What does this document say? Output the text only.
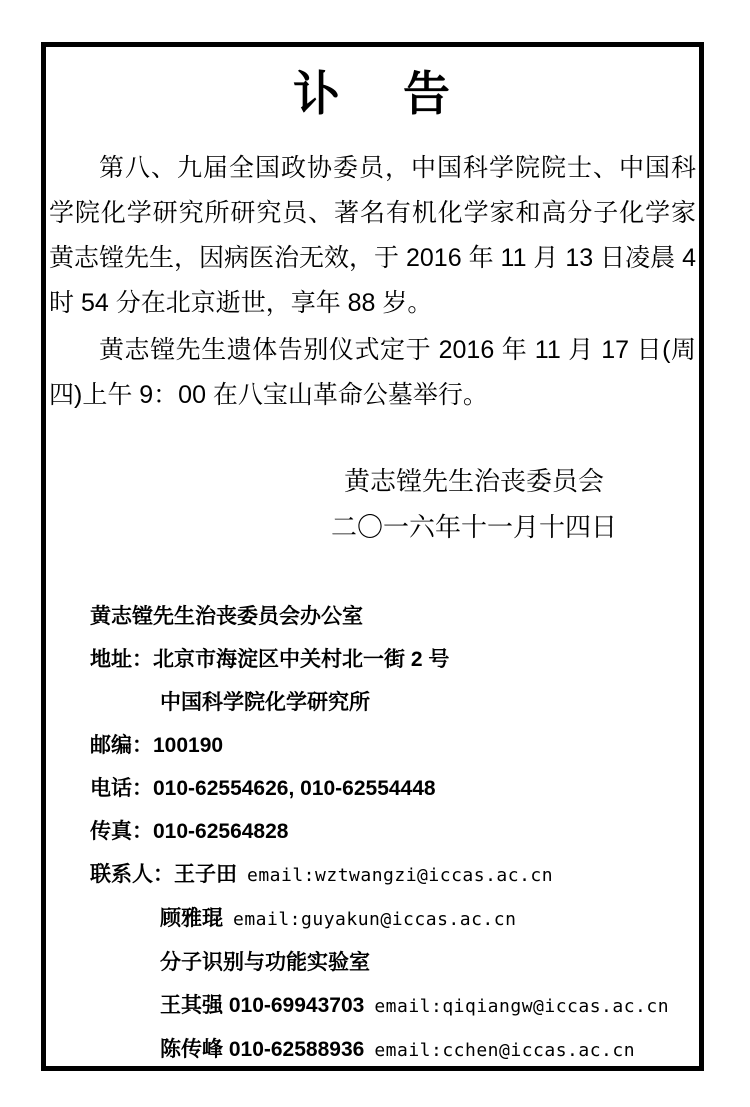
讣 告

第八、九届全国政协委员，中国科学院院士、中国科学院化学研究所研究员、著名有机化学家和高分子化学家黄志镗先生，因病医治无效，于 2016 年 11 月 13 日凌晨 4 时 54 分在北京逝世，享年 88 岁。

黄志镗先生遗体告别仪式定于 2016 年 11 月 17 日(周四)上午 9：00 在八宝山革命公墓举行。

黄志镗先生治丧委员会
二〇一六年十一月十四日
黄志镗先生治丧委员会办公室
地址：北京市海淀区中关村北一街 2 号
中国科学院化学研究所
邮编：100190
电话：010-62554626, 010-62554448
传真：010-62564828
联系人：王子田 email:wztwangzi@iccas.ac.cn
顾雅琨 email:guyakun@iccas.ac.cn
分子识别与功能实验室
王其强 010-69943703 email:qiqiangw@iccas.ac.cn
陈传峰 010-62588936 email:cchen@iccas.ac.cn
